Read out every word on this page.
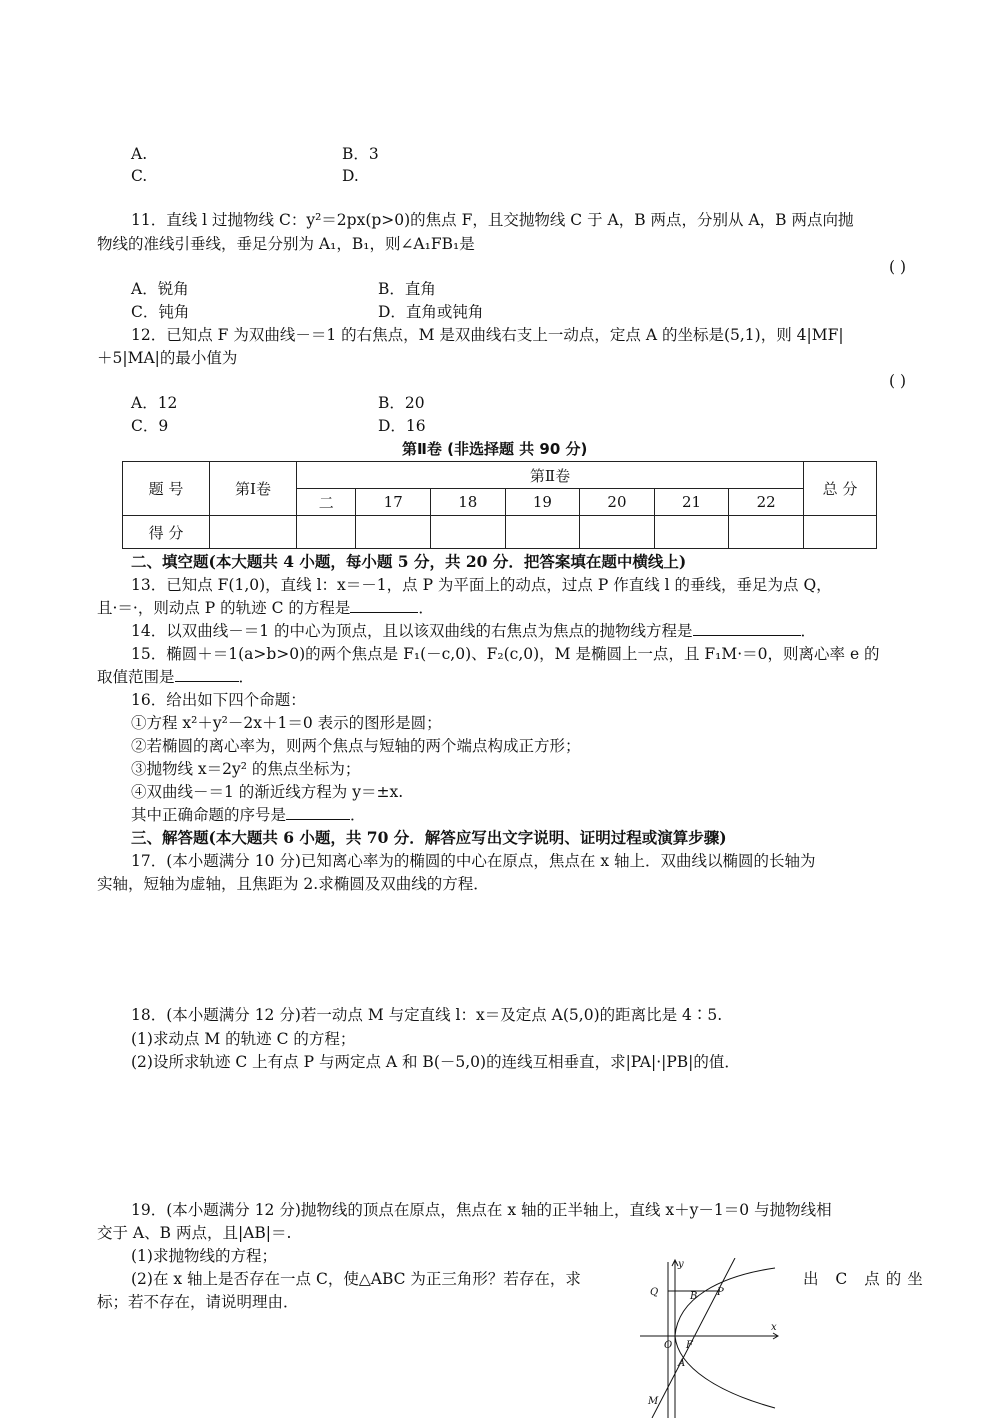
A.	B．3
C.	D.
11．直线 l 过抛物线 C：y²＝2px(p>0)的焦点 F，且交抛物线 C 于 A，B 两点，分别从 A，B 两点向抛
物线的准线引垂线，垂足分别为 A₁，B₁，则∠A₁FB₁是
( )
A．锐角	B．直角
C．钝角	D．直角或钝角
12．已知点 F 为双曲线－＝1 的右焦点，M 是双曲线右支上一动点，定点 A 的坐标是(5,1)，则 4|MF|
＋5|MA|的最小值为
( )
A．12	B．20
C．9	D．16
第Ⅱ卷 (非选择题 共 90 分)
题 号	第Ⅰ卷	第Ⅱ卷							总 分
		二	17	18	19	20	21	22	
得 分									
二、填空题(本大题共 4 小题，每小题 5 分，共 20 分．把答案填在题中横线上)
13．已知点 F(1,0)，直线 l：x＝－1，点 P 为平面上的动点，过点 P 作直线 l 的垂线，垂足为点 Q，
且·＝·，则动点 P 的轨迹 C 的方程是	．
14．以双曲线－＝1 的中心为顶点，且以该双曲线的右焦点为焦点的抛物线方程是	．
15．椭圆＋＝1(a>b>0)的两个焦点是 F₁(－c,0)、F₂(c,0)，M 是椭圆上一点，且 F₁M·＝0，则离心率 e 的
取值范围是	．
16．给出如下四个命题：
①方程 x²＋y²－2x＋1＝0 表示的图形是圆；
②若椭圆的离心率为，则两个焦点与短轴的两个端点构成正方形；
③抛物线 x＝2y² 的焦点坐标为；
④双曲线－＝1 的渐近线方程为 y＝±x.
其中正确命题的序号是	．
三、解答题(本大题共 6 小题，共 70 分．解答应写出文字说明、证明过程或演算步骤)
17．(本小题满分 10 分)已知离心率为的椭圆的中心在原点，焦点在 x 轴上．双曲线以椭圆的长轴为
实轴，短轴为虚轴，且焦距为 2.求椭圆及双曲线的方程．
18．(本小题满分 12 分)若一动点 M 与定直线 l：x＝及定点 A(5,0)的距离比是 4∶5.
(1)求动点 M 的轨迹 C 的方程；
(2)设所求轨迹 C 上有点 P 与两定点 A 和 B(－5,0)的连线互相垂直，求|PA|·|PB|的值．
19．(本小题满分 12 分)抛物线的顶点在原点，焦点在 x 轴的正半轴上，直线 x＋y－1＝0 与抛物线相
交于 A、B 两点，且|AB|＝.
(1)求抛物线的方程；
(2)在 x 轴上是否存在一点 C，使△ABC 为正三角形？若存在，求	出 C 点的坐
标；若不存在，请说明理由．
y
x
Q	B P
O F
A
M
